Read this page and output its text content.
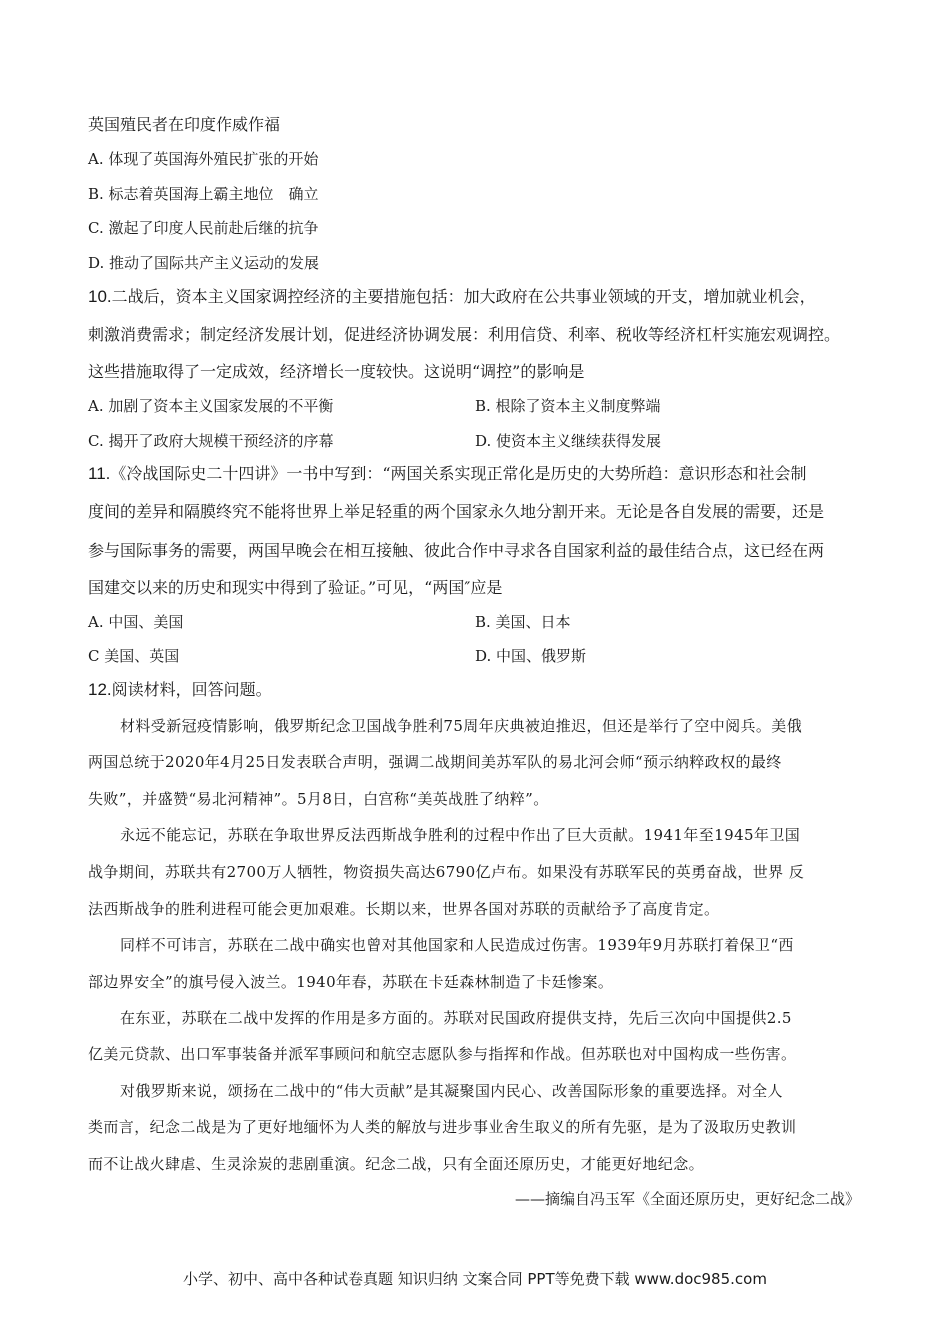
英国殖民者在印度作威作福
A. 体现了英国海外殖民扩张的开始
B. 标志着英国海上霸主地位　确立
C. 激起了印度人民前赴后继的抗争
D. 推动了国际共产主义运动的发展
10.二战后，资本主义国家调控经济的主要措施包括：加大政府在公共事业领域的开支，增加就业机会，
刺激消费需求；制定经济发展计划，促进经济协调发展：利用信贷、利率、税收等经济杠杆实施宏观调控。
这些措施取得了一定成效，经济增长一度较快。这说明“调控”的影响是
A. 加剧了资本主义国家发展的不平衡	B. 根除了资本主义制度弊端
C. 揭开了政府大规模干预经济的序幕	D. 使资本主义继续获得发展
11.《冷战国际史二十四讲》一书中写到：“两国关系实现正常化是历史的大势所趋：意识形态和社会制
度间的差异和隔膜终究不能将世界上举足轻重的两个国家永久地分割开来。无论是各自发展的需要，还是
参与国际事务的需要，两国早晚会在相互接触、彼此合作中寻求各自国家利益的最佳结合点，这已经在两
国建交以来的历史和现实中得到了验证。”可见，“两国″应是
A. 中国、美国	B. 美国、日本
C 美国、英国	D. 中国、俄罗斯
12.阅读材料，回答问题。
材料受新冠疫情影响，俄罗斯纪念卫国战争胜利75周年庆典被迫推迟，但还是举行了空中阅兵。美俄
两国总统于2020年4月25日发表联合声明，强调二战期间美苏军队的易北河会师“预示纳粹政权的最终
失败”，并盛赞“易北河精神”。5月8日，白宫称“美英战胜了纳粹”。
永远不能忘记，苏联在争取世界反法西斯战争胜利的过程中作出了巨大贡献。1941年至1945年卫国
战争期间，苏联共有2700万人牺牲，物资损失高达6790亿卢布。如果没有苏联军民的英勇奋战，世界 反
法西斯战争的胜利进程可能会更加艰难。长期以来，世界各国对苏联的贡献给予了高度肯定。
同样不可讳言，苏联在二战中确实也曾对其他国家和人民造成过伤害。1939年9月苏联打着保卫“西
部边界安全”的旗号侵入波兰。1940年春，苏联在卡廷森林制造了卡廷惨案。
在东亚，苏联在二战中发挥的作用是多方面的。苏联对民国政府提供支持，先后三次向中国提供2.5
亿美元贷款、出口军事装备并派军事顾问和航空志愿队参与指挥和作战。但苏联也对中国构成一些伤害。
对俄罗斯来说，颂扬在二战中的“伟大贡献”是其凝聚国内民心、改善国际形象的重要选择。对全人
类而言，纪念二战是为了更好地缅怀为人类的解放与进步事业舍生取义的所有先驱，是为了汲取历史教训
而不让战火肆虐、生灵涂炭的悲剧重演。纪念二战，只有全面还原历史，才能更好地纪念。
——摘编自冯玉军《全面还原历史，更好纪念二战》
小学、初中、高中各种试卷真题 知识归纳 文案合同 PPT等免费下载 www.doc985.com
